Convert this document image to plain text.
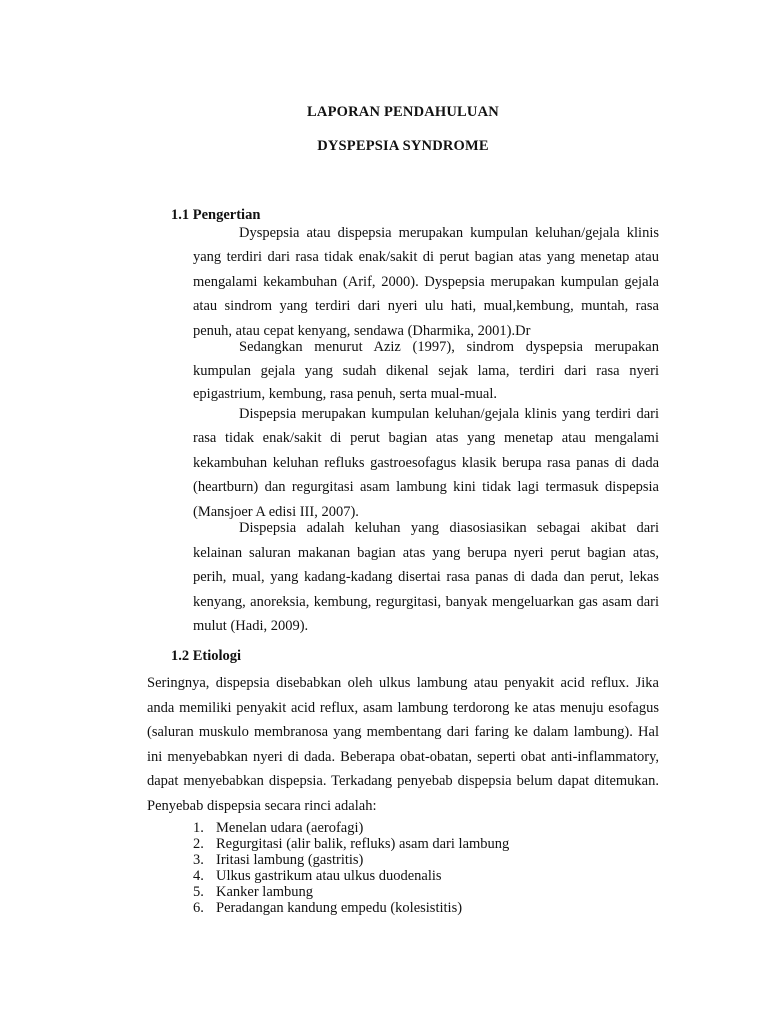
LAPORAN PENDAHULUAN
DYSPEPSIA SYNDROME
1.1 Pengertian

Dyspepsia atau dispepsia merupakan kumpulan keluhan/gejala klinis yang terdiri dari rasa tidak enak/sakit di perut bagian atas yang menetap atau mengalami kekambuhan (Arif, 2000). Dyspepsia merupakan kumpulan gejala atau sindrom yang terdiri dari nyeri ulu hati, mual,kembung, muntah, rasa penuh, atau cepat kenyang, sendawa (Dharmika, 2001).Dr

Sedangkan menurut Aziz (1997), sindrom dyspepsia merupakan kumpulan gejala yang sudah dikenal sejak lama, terdiri dari rasa nyeri epigastrium, kembung, rasa penuh, serta mual-mual.

Dispepsia merupakan kumpulan keluhan/gejala klinis yang terdiri dari rasa tidak enak/sakit di perut bagian atas yang menetap atau mengalami kekambuhan keluhan refluks gastroesofagus klasik berupa rasa panas di dada (heartburn) dan regurgitasi asam lambung kini tidak lagi termasuk dispepsia (Mansjoer A edisi III, 2007).

Dispepsia adalah keluhan yang diasosiasikan sebagai akibat dari kelainan saluran makanan bagian atas yang berupa nyeri perut bagian atas, perih, mual, yang kadang-kadang disertai rasa panas di dada dan perut, lekas kenyang, anoreksia, kembung, regurgitasi, banyak mengeluarkan gas asam dari mulut (Hadi, 2009).

1.2 Etiologi

Seringnya, dispepsia disebabkan oleh ulkus lambung atau penyakit acid reflux. Jika anda memiliki penyakit acid reflux, asam lambung terdorong ke atas menuju esofagus (saluran muskulo membranosa yang membentang dari faring ke dalam lambung). Hal ini menyebabkan nyeri di dada. Beberapa obat-obatan, seperti obat anti-inflammatory, dapat menyebabkan dispepsia. Terkadang penyebab dispepsia belum dapat ditemukan. Penyebab dispepsia secara rinci adalah:

1. Menelan udara (aerofagi)
2. Regurgitasi (alir balik, refluks) asam dari lambung
3. Iritasi lambung (gastritis)
4. Ulkus gastrikum atau ulkus duodenalis
5. Kanker lambung
6. Peradangan kandung empedu (kolesistitis)
